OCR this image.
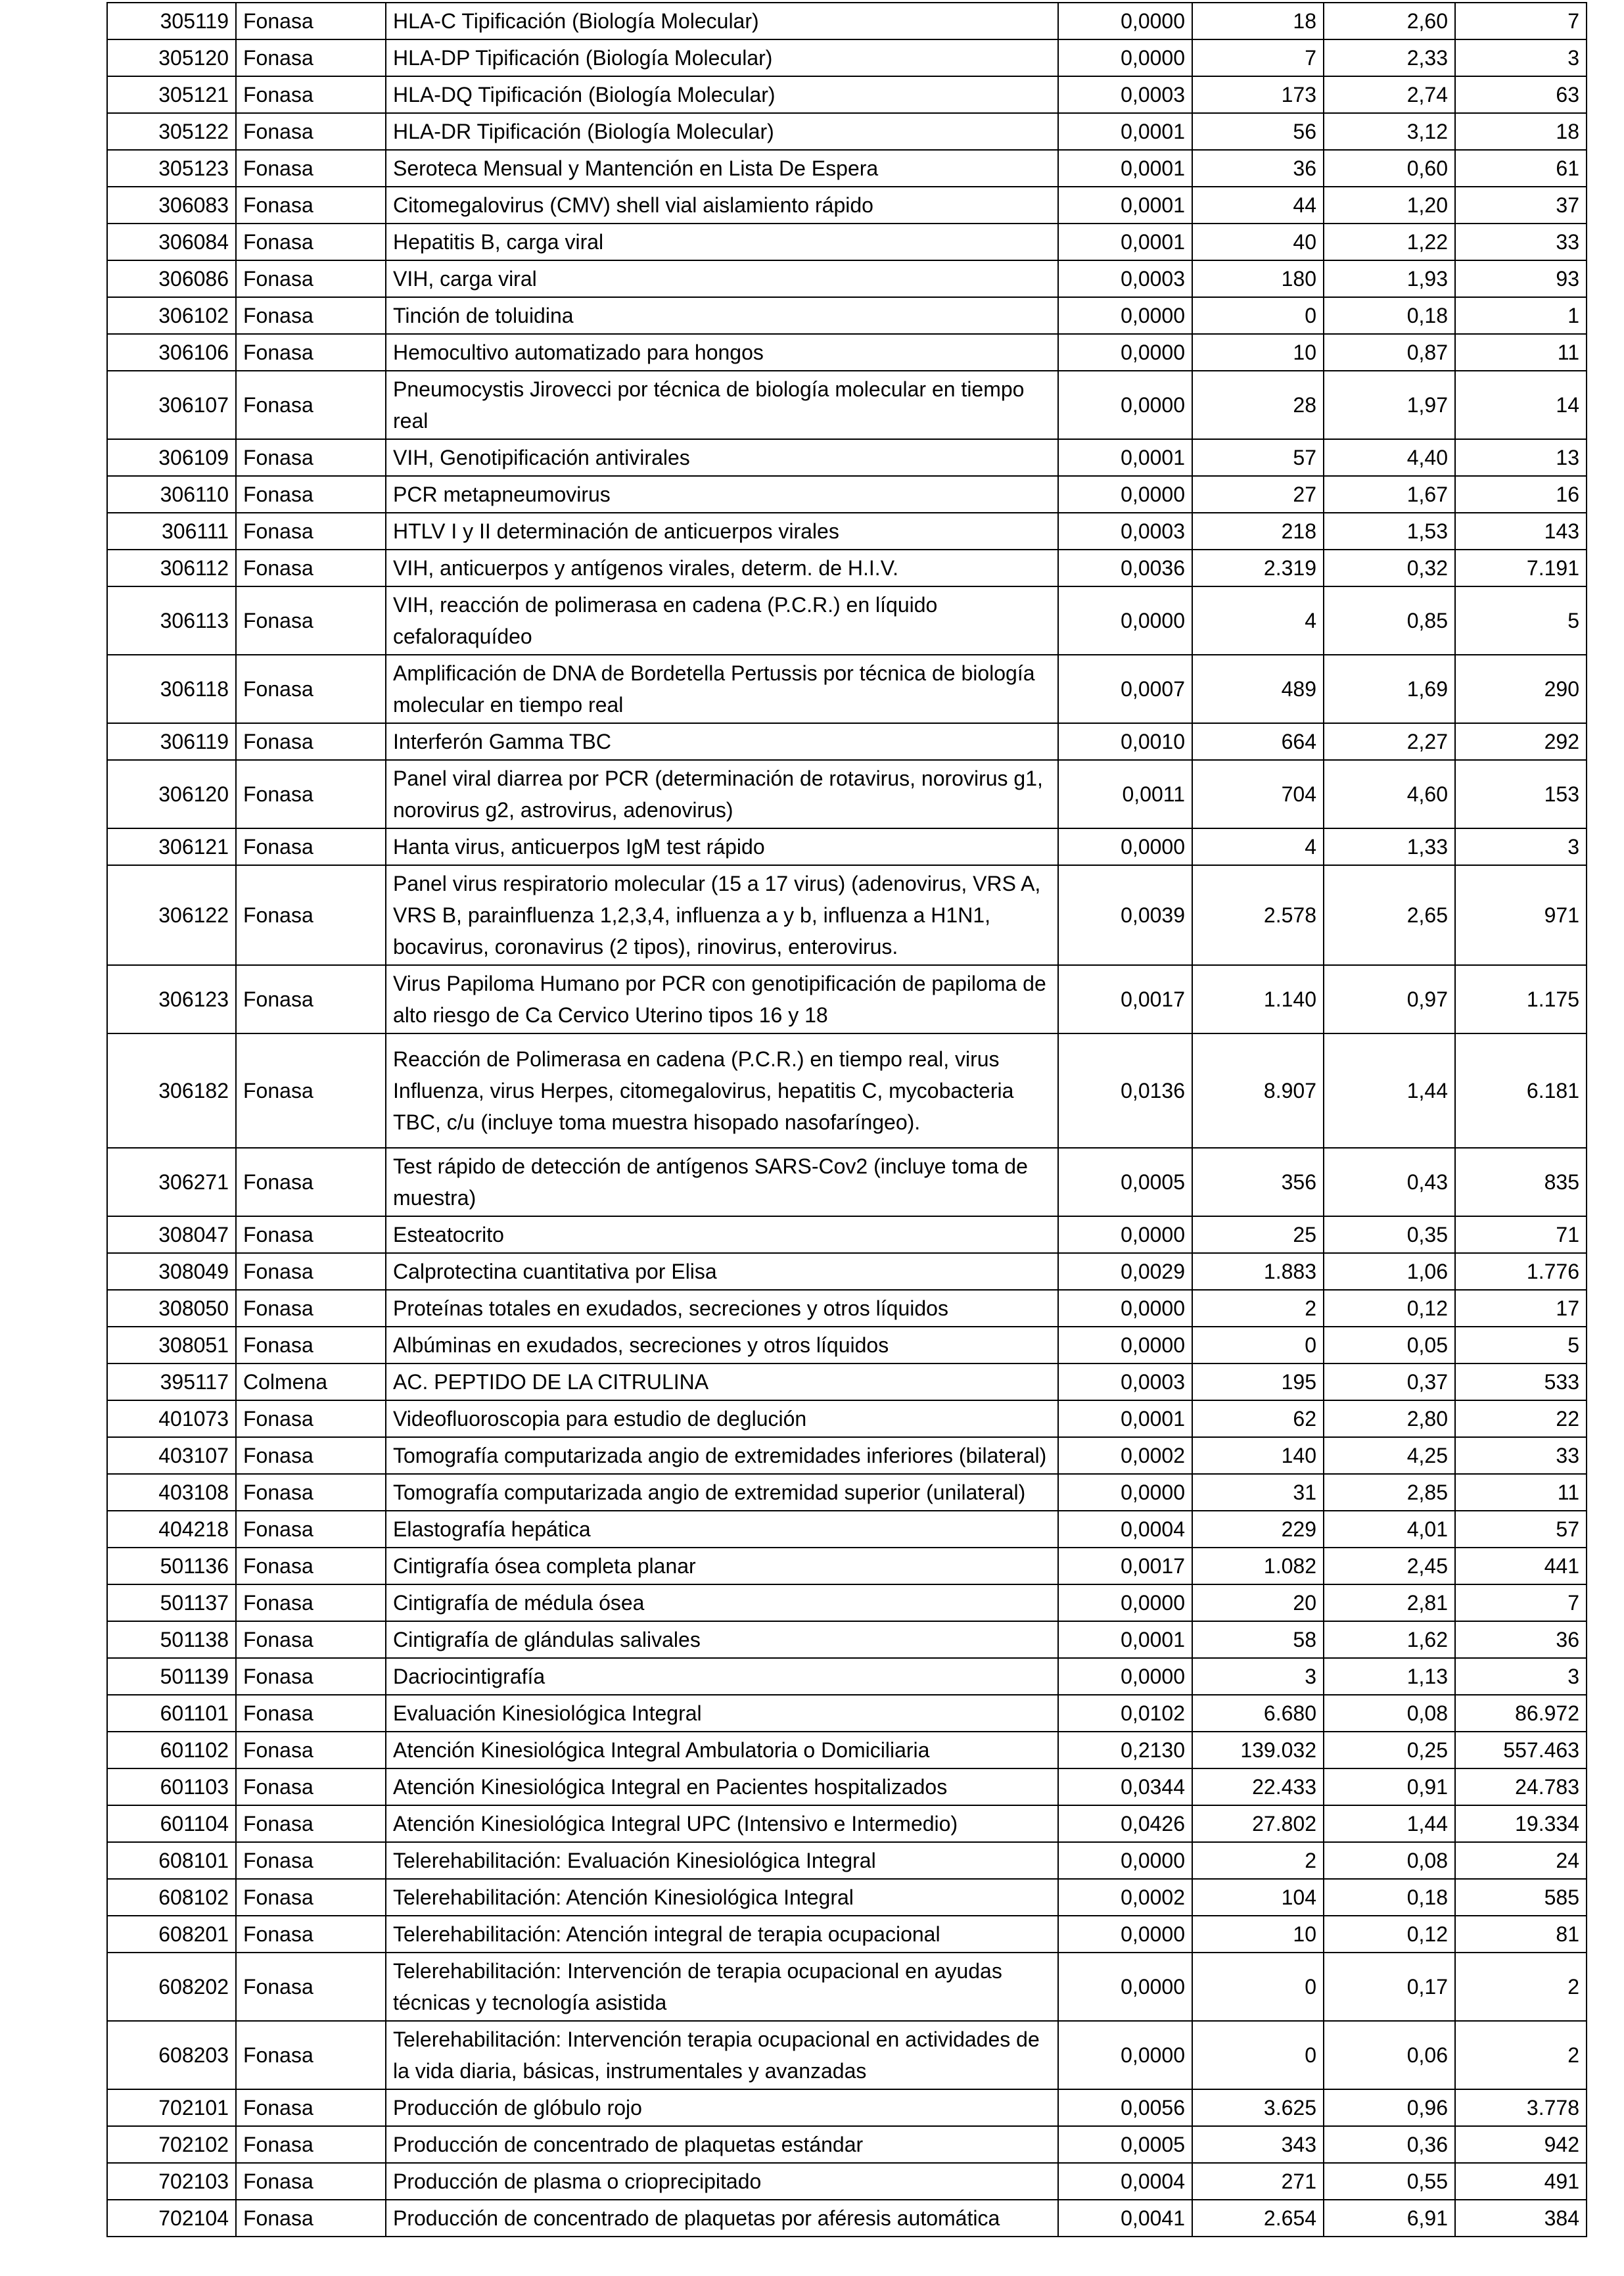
305119	Fonasa	HLA-C Tipificación (Biología Molecular)	0,0000	18	2,60	7
305120	Fonasa	HLA-DP Tipificación (Biología Molecular)	0,0000	7	2,33	3
305121	Fonasa	HLA-DQ Tipificación (Biología Molecular)	0,0003	173	2,74	63
305122	Fonasa	HLA-DR Tipificación (Biología Molecular)	0,0001	56	3,12	18
305123	Fonasa	Seroteca Mensual y Mantención en Lista De Espera	0,0001	36	0,60	61
306083	Fonasa	Citomegalovirus (CMV) shell vial aislamiento rápido	0,0001	44	1,20	37
306084	Fonasa	Hepatitis B, carga viral	0,0001	40	1,22	33
306086	Fonasa	VIH, carga viral	0,0003	180	1,93	93
306102	Fonasa	Tinción de toluidina	0,0000	0	0,18	1
306106	Fonasa	Hemocultivo automatizado para hongos	0,0000	10	0,87	11
306107	Fonasa	Pneumocystis Jirovecci por técnica de biología molecular en tiempo real	0,0000	28	1,97	14
306109	Fonasa	VIH, Genotipificación antivirales	0,0001	57	4,40	13
306110	Fonasa	PCR metapneumovirus	0,0000	27	1,67	16
306111	Fonasa	HTLV I y II determinación de anticuerpos virales	0,0003	218	1,53	143
306112	Fonasa	VIH, anticuerpos y antígenos virales, determ. de H.I.V.	0,0036	2.319	0,32	7.191
306113	Fonasa	VIH, reacción de polimerasa en cadena (P.C.R.) en líquido cefaloraquídeo	0,0000	4	0,85	5
306118	Fonasa	Amplificación de DNA de Bordetella Pertussis por técnica de biología molecular en tiempo real	0,0007	489	1,69	290
306119	Fonasa	Interferón Gamma TBC	0,0010	664	2,27	292
306120	Fonasa	Panel viral diarrea por PCR (determinación de rotavirus, norovirus g1, norovirus g2, astrovirus, adenovirus)	0,0011	704	4,60	153
306121	Fonasa	Hanta virus, anticuerpos IgM test rápido	0,0000	4	1,33	3
306122	Fonasa	Panel virus respiratorio molecular (15 a 17 virus) (adenovirus, VRS A, VRS B, parainfluenza 1,2,3,4, influenza a y b, influenza a H1N1, bocavirus, coronavirus (2 tipos), rinovirus, enterovirus.	0,0039	2.578	2,65	971
306123	Fonasa	Virus Papiloma Humano por PCR con genotipificación de papiloma de alto riesgo de Ca Cervico Uterino tipos 16 y 18	0,0017	1.140	0,97	1.175
306182	Fonasa	Reacción de Polimerasa en cadena (P.C.R.) en tiempo real, virus Influenza, virus Herpes, citomegalovirus, hepatitis C, mycobacteria TBC, c/u (incluye toma muestra hisopado nasofaríngeo).	0,0136	8.907	1,44	6.181
306271	Fonasa	Test rápido de detección de antígenos SARS-Cov2 (incluye toma de muestra)	0,0005	356	0,43	835
308047	Fonasa	Esteatocrito	0,0000	25	0,35	71
308049	Fonasa	Calprotectina cuantitativa por Elisa	0,0029	1.883	1,06	1.776
308050	Fonasa	Proteínas totales en exudados, secreciones y otros líquidos	0,0000	2	0,12	17
308051	Fonasa	Albúminas en exudados, secreciones y otros líquidos	0,0000	0	0,05	5
395117	Colmena	AC. PEPTIDO DE LA CITRULINA	0,0003	195	0,37	533
401073	Fonasa	Videofluoroscopia para estudio de deglución	0,0001	62	2,80	22
403107	Fonasa	Tomografía computarizada angio de extremidades inferiores (bilateral)	0,0002	140	4,25	33
403108	Fonasa	Tomografía computarizada angio de extremidad superior (unilateral)	0,0000	31	2,85	11
404218	Fonasa	Elastografía hepática	0,0004	229	4,01	57
501136	Fonasa	Cintigrafía ósea completa planar	0,0017	1.082	2,45	441
501137	Fonasa	Cintigrafía de médula ósea	0,0000	20	2,81	7
501138	Fonasa	Cintigrafía de glándulas salivales	0,0001	58	1,62	36
501139	Fonasa	Dacriocintigrafía	0,0000	3	1,13	3
601101	Fonasa	Evaluación Kinesiológica Integral	0,0102	6.680	0,08	86.972
601102	Fonasa	Atención Kinesiológica Integral Ambulatoria o Domiciliaria	0,2130	139.032	0,25	557.463
601103	Fonasa	Atención Kinesiológica Integral en Pacientes hospitalizados	0,0344	22.433	0,91	24.783
601104	Fonasa	Atención Kinesiológica Integral UPC (Intensivo e Intermedio)	0,0426	27.802	1,44	19.334
608101	Fonasa	Telerehabilitación: Evaluación Kinesiológica Integral	0,0000	2	0,08	24
608102	Fonasa	Telerehabilitación: Atención Kinesiológica Integral	0,0002	104	0,18	585
608201	Fonasa	Telerehabilitación: Atención integral de terapia ocupacional	0,0000	10	0,12	81
608202	Fonasa	Telerehabilitación: Intervención de terapia ocupacional en ayudas técnicas y tecnología asistida	0,0000	0	0,17	2
608203	Fonasa	Telerehabilitación: Intervención terapia ocupacional en actividades de la vida diaria, básicas, instrumentales y avanzadas	0,0000	0	0,06	2
702101	Fonasa	Producción de glóbulo rojo	0,0056	3.625	0,96	3.778
702102	Fonasa	Producción de concentrado de plaquetas estándar	0,0005	343	0,36	942
702103	Fonasa	Producción de plasma o crioprecipitado	0,0004	271	0,55	491
702104	Fonasa	Producción de concentrado de plaquetas por aféresis automática	0,0041	2.654	6,91	384
